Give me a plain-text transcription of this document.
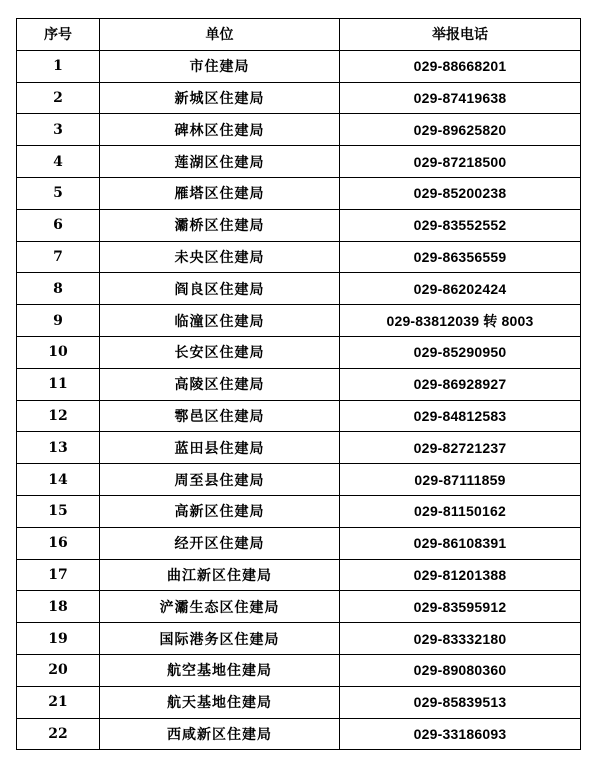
序号	单位	举报电话
1	市住建局	029-88668201
2	新城区住建局	029-87419638
3	碑林区住建局	029-89625820
4	莲湖区住建局	029-87218500
5	雁塔区住建局	029-85200238
6	灞桥区住建局	029-83552552
7	未央区住建局	029-86356559
8	阎良区住建局	029-86202424
9	临潼区住建局	029-83812039 转 8003
10	长安区住建局	029-85290950
11	高陵区住建局	029-86928927
12	鄠邑区住建局	029-84812583
13	蓝田县住建局	029-82721237
14	周至县住建局	029-87111859
15	高新区住建局	029-81150162
16	经开区住建局	029-86108391
17	曲江新区住建局	029-81201388
18	浐灞生态区住建局	029-83595912
19	国际港务区住建局	029-83332180
20	航空基地住建局	029-89080360
21	航天基地住建局	029-85839513
22	西咸新区住建局	029-33186093
